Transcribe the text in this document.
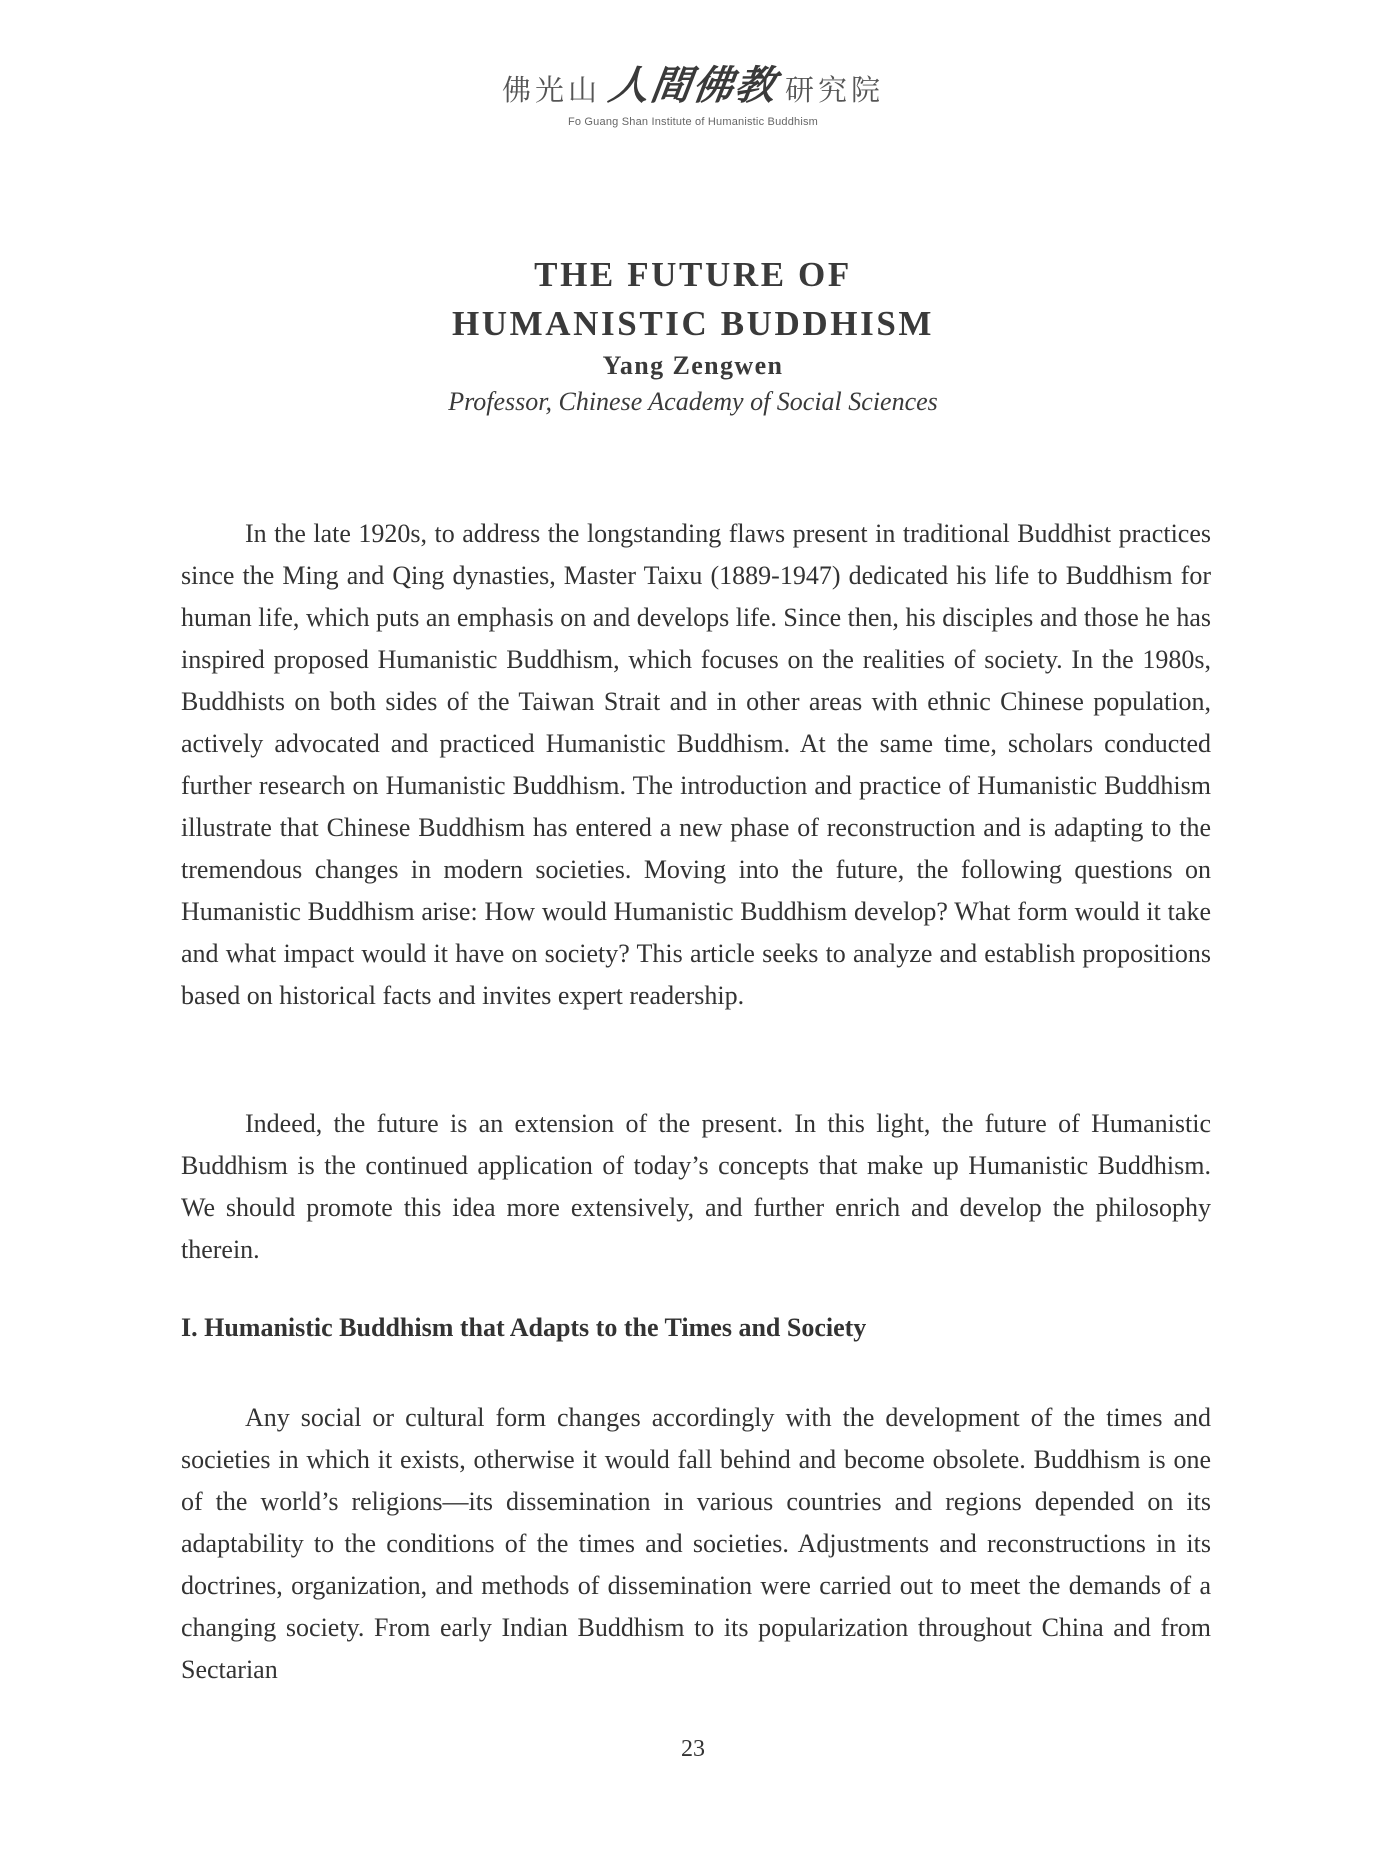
佛光山 人間佛教 研究院
Fo Guang Shan Institute of Humanistic Buddhism
THE FUTURE OF
HUMANISTIC BUDDHISM
Yang Zengwen
Professor, Chinese Academy of Social Sciences

In the late 1920s, to address the longstanding flaws present in traditional Buddhist practices since the Ming and Qing dynasties, Master Taixu (1889-1947) dedicated his life to Buddhism for human life, which puts an emphasis on and develops life. Since then, his disciples and those he has inspired proposed Humanistic Buddhism, which focuses on the realities of society. In the 1980s, Buddhists on both sides of the Taiwan Strait and in other areas with ethnic Chinese population, actively advocated and practiced Humanistic Buddhism. At the same time, scholars conducted further research on Humanistic Buddhism. The introduction and practice of Humanistic Buddhism illustrate that Chinese Buddhism has entered a new phase of reconstruction and is adapting to the tremendous changes in modern societies. Moving into the future, the following questions on Humanistic Buddhism arise: How would Humanistic Buddhism develop? What form would it take and what impact would it have on society? This article seeks to analyze and establish propositions based on historical facts and invites expert readership.

Indeed, the future is an extension of the present. In this light, the future of Humanistic Buddhism is the continued application of today’s concepts that make up Humanistic Buddhism. We should promote this idea more extensively, and further enrich and develop the philosophy therein.

I. Humanistic Buddhism that Adapts to the Times and Society

Any social or cultural form changes accordingly with the development of the times and societies in which it exists, otherwise it would fall behind and become obsolete. Buddhism is one of the world’s religions—its dissemination in various countries and regions depended on its adaptability to the conditions of the times and societies. Adjustments and reconstructions in its doctrines, organization, and methods of dissemination were carried out to meet the demands of a changing society. From early Indian Buddhism to its popularization throughout China and from Sectarian

23
